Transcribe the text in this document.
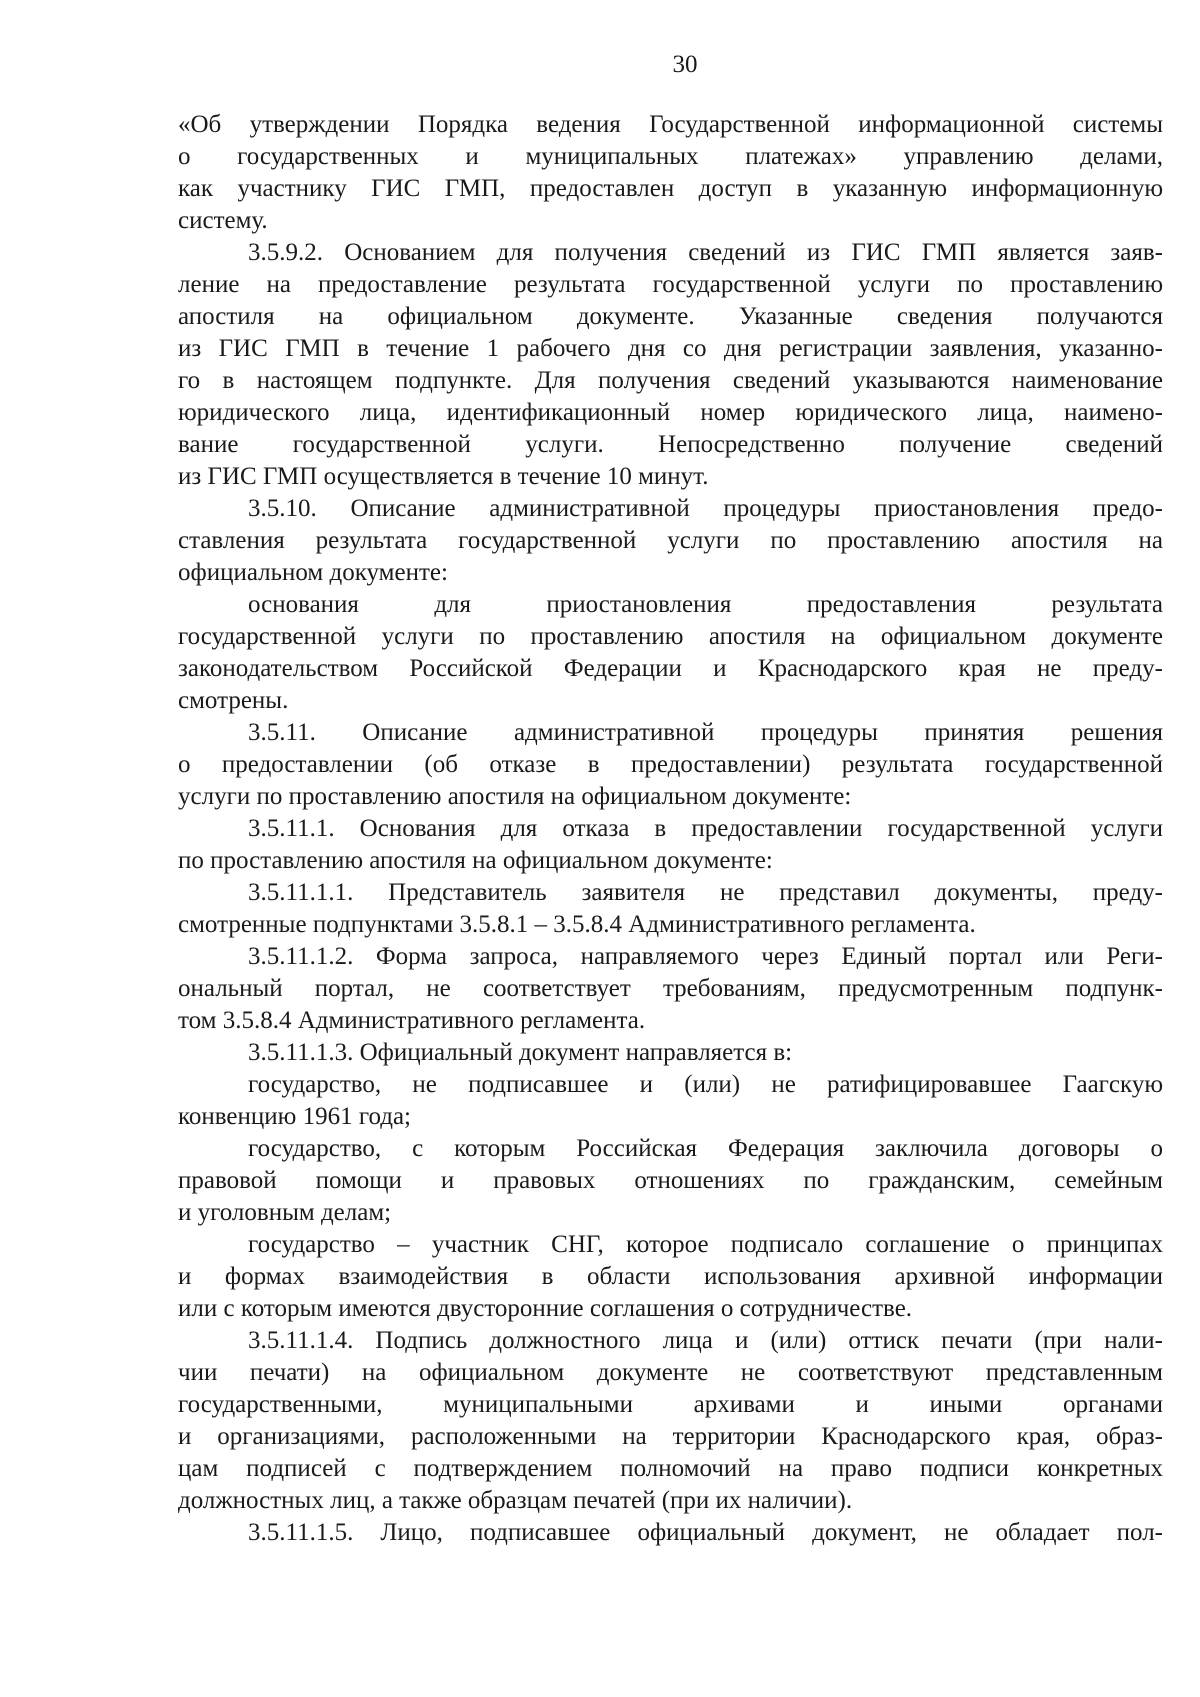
30
«Об утверждении Порядка ведения Государственной информационной системы
о государственных и муниципальных платежах» управлению делами,
как участнику ГИС ГМП, предоставлен доступ в указанную информационную
систему.
3.5.9.2. Основанием для получения сведений из ГИС ГМП является заяв-
ление на предоставление результата государственной услуги по проставлению
апостиля на официальном документе. Указанные сведения получаются
из ГИС ГМП в течение 1 рабочего дня со дня регистрации заявления, указанно-
го в настоящем подпункте. Для получения сведений указываются наименование
юридического лица, идентификационный номер юридического лица, наимено-
вание государственной услуги. Непосредственно получение сведений
из ГИС ГМП осуществляется в течение 10 минут.
3.5.10. Описание административной процедуры приостановления предо-
ставления результата государственной услуги по проставлению апостиля на
официальном документе:
основания для приостановления предоставления результата
государственной услуги по проставлению апостиля на официальном документе
законодательством Российской Федерации и Краснодарского края не преду-
смотрены.
3.5.11. Описание административной процедуры принятия решения
о предоставлении (об отказе в предоставлении) результата государственной
услуги по проставлению апостиля на официальном документе:
3.5.11.1. Основания для отказа в предоставлении государственной услуги
по проставлению апостиля на официальном документе:
3.5.11.1.1. Представитель заявителя не представил документы, преду-
смотренные подпунктами 3.5.8.1 – 3.5.8.4 Административного регламента.
3.5.11.1.2. Форма запроса, направляемого через Единый портал или Реги-
ональный портал, не соответствует требованиям, предусмотренным подпунк-
том 3.5.8.4 Административного регламента.
3.5.11.1.3. Официальный документ направляется в:
государство, не подписавшее и (или) не ратифицировавшее Гаагскую
конвенцию 1961 года;
государство, с которым Российская Федерация заключила договоры о
правовой помощи и правовых отношениях по гражданским, семейным
и уголовным делам;
государство – участник СНГ, которое подписало соглашение о принципах
и формах взаимодействия в области использования архивной информации
или с которым имеются двусторонние соглашения о сотрудничестве.
3.5.11.1.4. Подпись должностного лица и (или) оттиск печати (при нали-
чии печати) на официальном документе не соответствуют представленным
государственными, муниципальными архивами и иными органами
и организациями, расположенными на территории Краснодарского края, образ-
цам подписей с подтверждением полномочий на право подписи конкретных
должностных лиц, а также образцам печатей (при их наличии).
3.5.11.1.5. Лицо, подписавшее официальный документ, не обладает пол-
